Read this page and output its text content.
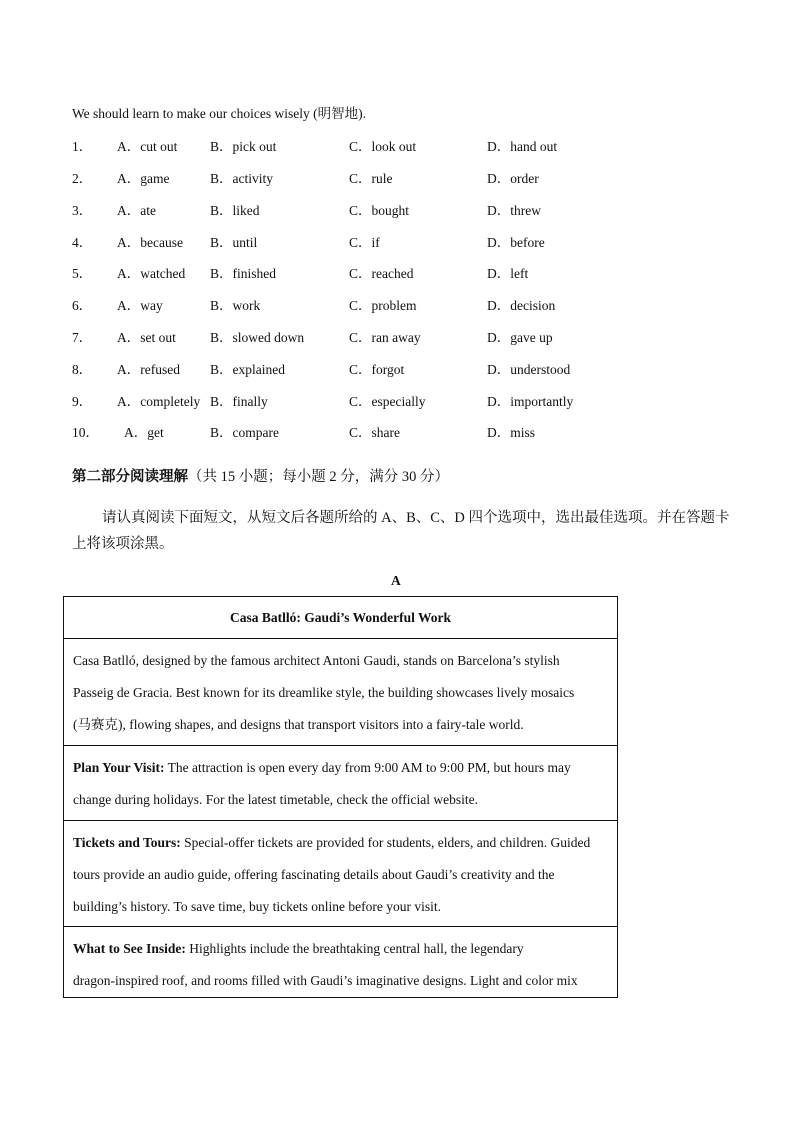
We should learn to make our choices wisely (明智地).
1． A．cut out B．pick out	C．look out	D．hand out
2． A．game	B．activity	C．rule	D．order
3． A．ate	B．liked	C．bought	D．threw
4． A．because B．until	C．if	D．before
5． A．watched B．finished	C．reached	D．left
6． A．way	B．work	C．problem	D．decision
7． A．set out	B．slowed down	C．ran away	D．gave up
8． A．refused B．explained	C．forgot	D．understood
9． A．completely B．finally	C．especially	D．importantly
10． A．get	B．compare	C．share	D．miss
第二部分阅读理解（共 15 小题；每小题 2 分，满分 30 分）
请认真阅读下面短文，从短文后各题所给的 A、B、C、D 四个选项中，选出最佳选项。并在答题卡上将该项涂黑。
A
Casa Batlló: Gaudi’s Wonderful Work

Casa Batlló, designed by the famous architect Antoni Gaudi, stands on Barcelona’s stylish
Passeig de Gracia. Best known for its dreamlike style, the building showcases lively mosaics
(马赛克), flowing shapes, and designs that transport visitors into a fairy-tale world.

Plan Your Visit: The attraction is open every day from 9:00 AM to 9:00 PM, but hours may
change during holidays. For the latest timetable, check the official website.

Tickets and Tours: Special-offer tickets are provided for students, elders, and children. Guided
tours provide an audio guide, offering fascinating details about Gaudi’s creativity and the
building’s history. To save time, buy tickets online before your visit.

What to See Inside: Highlights include the breathtaking central hall, the legendary
dragon-inspired roof, and rooms filled with Gaudi’s imaginative designs. Light and color mix
